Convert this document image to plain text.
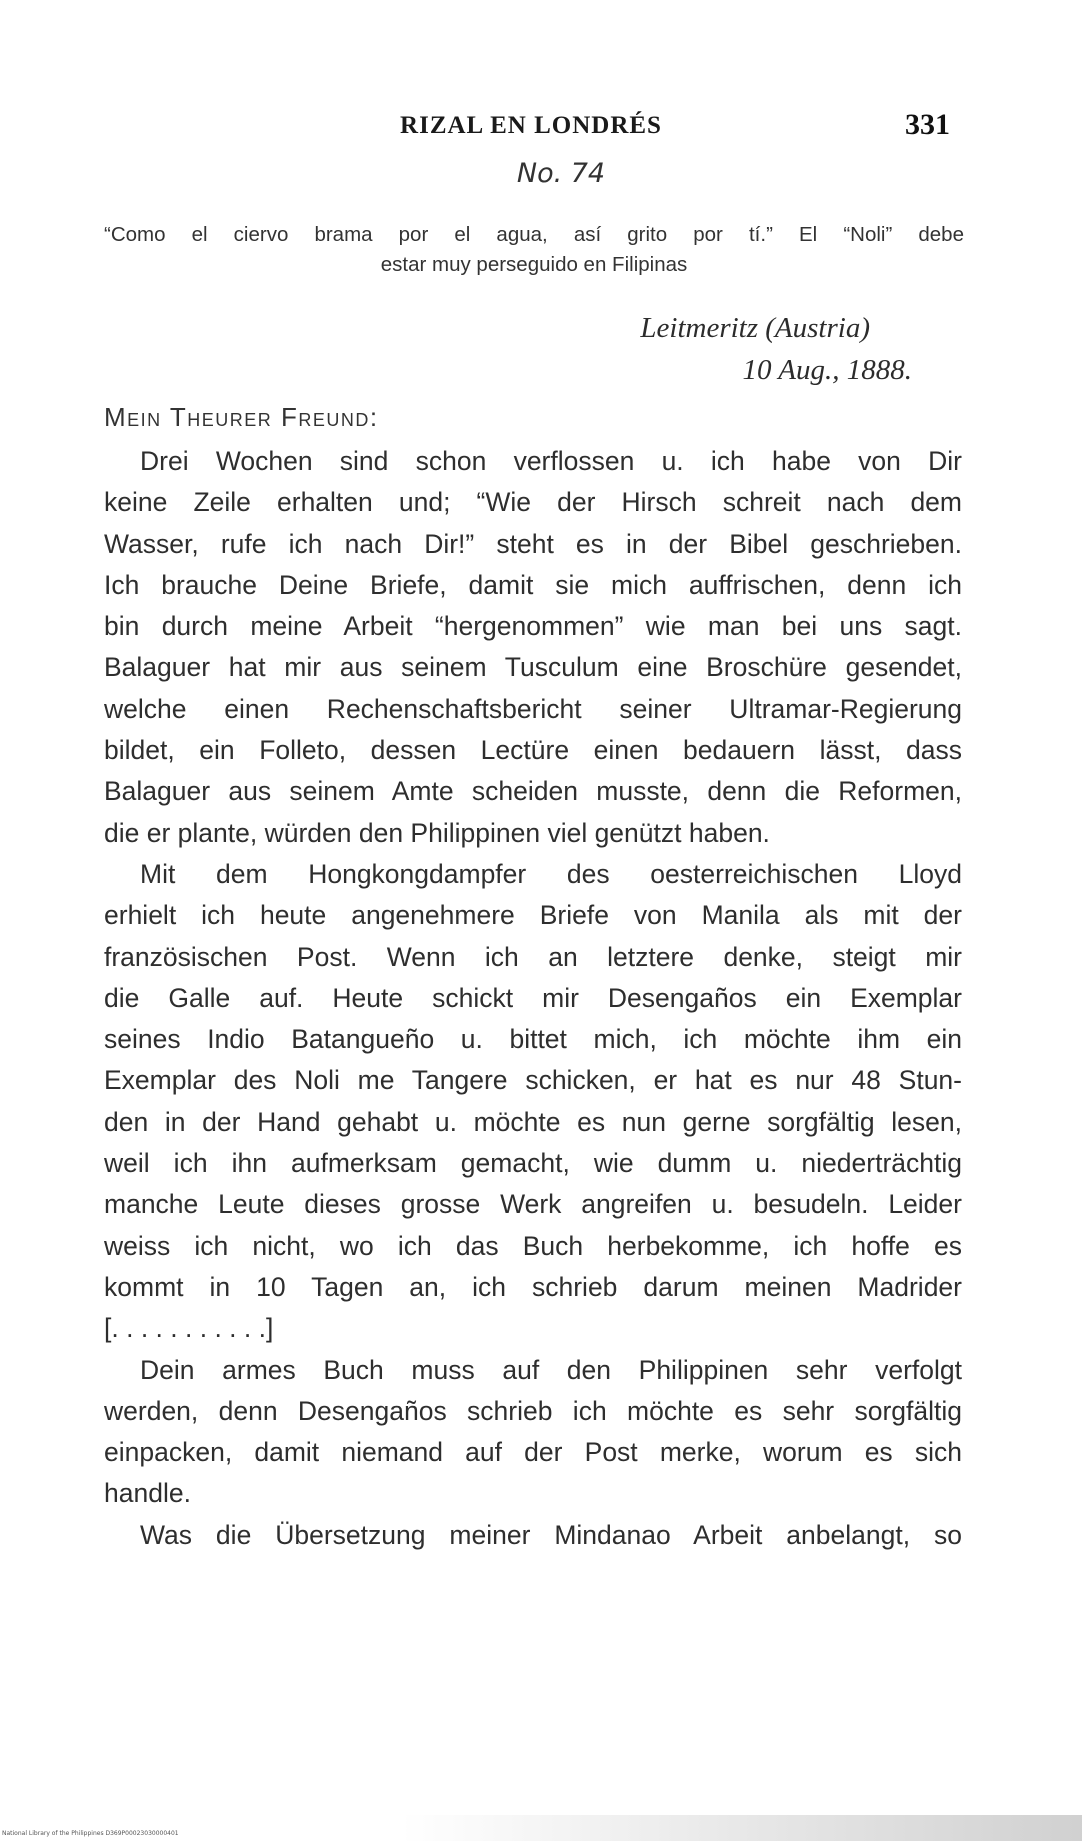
RIZAL EN LONDRÉS	331
No. 74
“Como el ciervo brama por el agua, así grito por tí.” El “Noli” debe
estar muy perseguido en Filipinas
Leitmeritz (Austria)
10 Aug., 1888.
Mein Theurer Freund:
Drei Wochen sind schon verflossen u. ich habe von Dir
keine Zeile erhalten und; “Wie der Hirsch schreit nach dem
Wasser, rufe ich nach Dir!” steht es in der Bibel geschrieben.
Ich brauche Deine Briefe, damit sie mich auffrischen, denn ich
bin durch meine Arbeit “hergenommen” wie man bei uns sagt.
Balaguer hat mir aus seinem Tusculum eine Broschüre gesendet,
welche einen Rechenschaftsbericht seiner Ultramar-Regierung
bildet, ein Folleto, dessen Lectüre einen bedauern lässt, dass
Balaguer aus seinem Amte scheiden musste, denn die Reformen,
die er plante, würden den Philippinen viel genützt haben.
Mit dem Hongkongdampfer des oesterreichischen Lloyd
erhielt ich heute angenehmere Briefe von Manila als mit der
französischen Post. Wenn ich an letztere denke, steigt mir
die Galle auf. Heute schickt mir Desengaños ein Exemplar
seines Indio Batangueño u. bittet mich, ich möchte ihm ein
Exemplar des Noli me Tangere schicken, er hat es nur 48 Stun-
den in der Hand gehabt u. möchte es nun gerne sorgfältig lesen,
weil ich ihn aufmerksam gemacht, wie dumm u. niederträchtig
manche Leute dieses grosse Werk angreifen u. besudeln. Leider
weiss ich nicht, wo ich das Buch herbekomme, ich hoffe es
kommt in 10 Tagen an, ich schrieb darum meinen Madrider
[. . . . . . . . . . .]
Dein armes Buch muss auf den Philippinen sehr verfolgt
werden, denn Desengaños schrieb ich möchte es sehr sorgfältig
einpacken, damit niemand auf der Post merke, worum es sich
handle.
Was die Übersetzung meiner Mindanao Arbeit anbelangt, so
National Library of the Philippines D369P00023030000401
